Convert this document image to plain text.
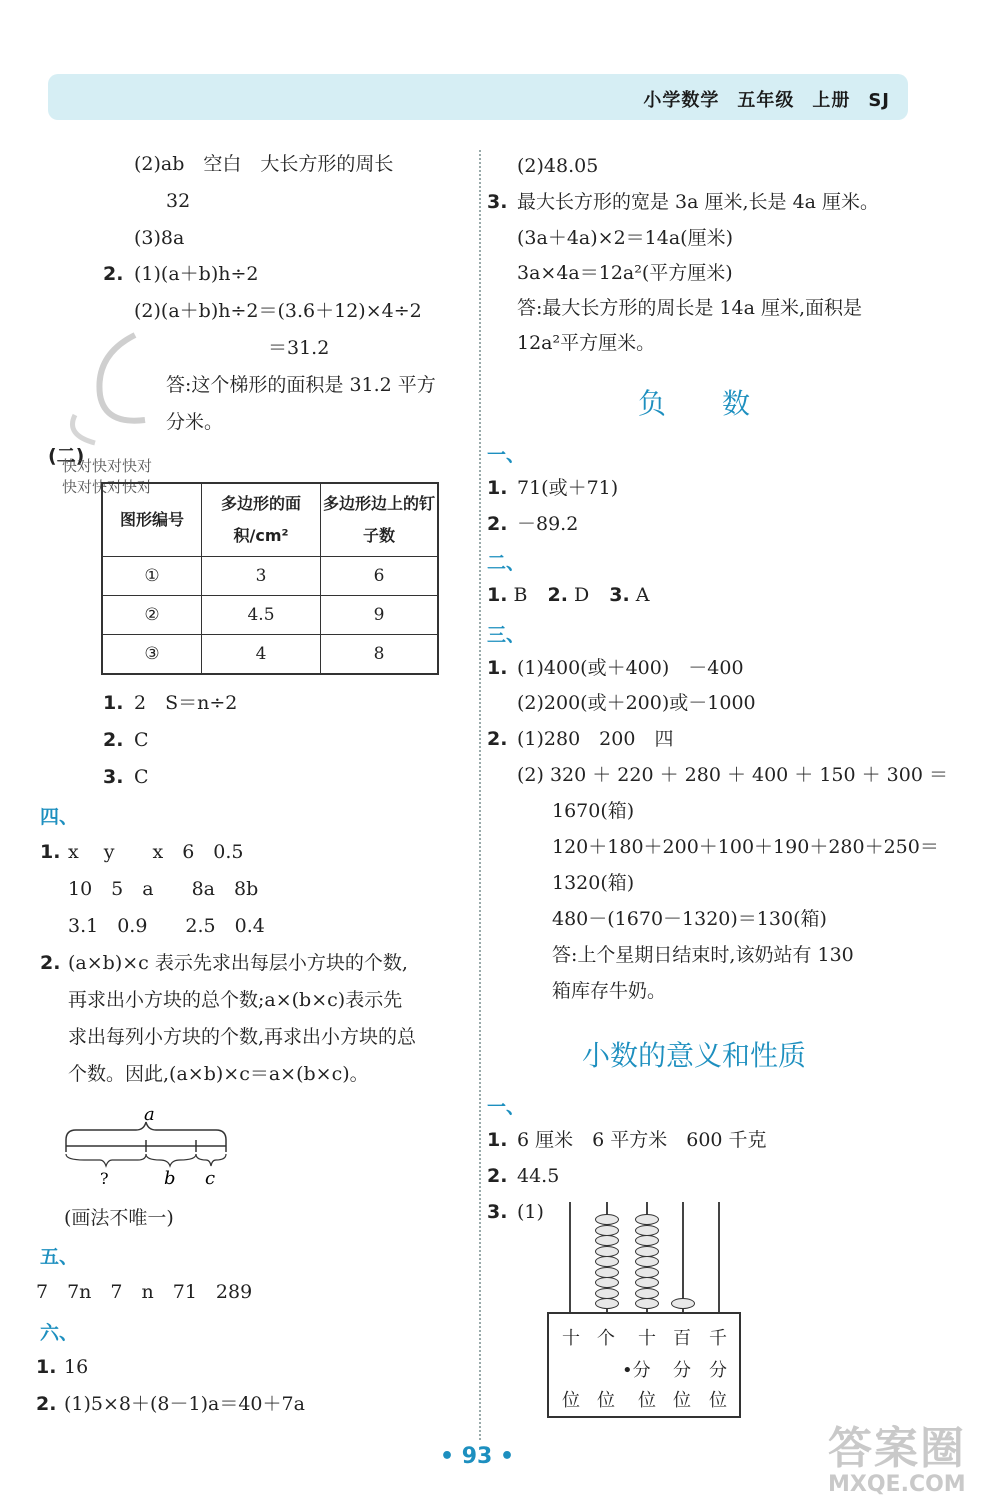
小学数学 五年级 上册 SJ
(2)ab　空白　大长方形的周长
32
(3)8a
2. (1)(a＋b)h÷2
(2)(a＋b)h÷2＝(3.6＋12)×4÷2
＝31.2
答:这个梯形的面积是 31.2 平方
分米。
(二)
快对快对快对
快对快对快对
图形编号	多边形的面积/cm²	多边形边上的钉子数
①	3	6
②	4.5	9
③	4	8
1. 2　S＝n÷2
2. C
3. C
四、
1. x　 y　　x　6　0.5
10　5　a　　8a　8b
3.1　0.9　　2.5　0.4
2. (a×b)×c 表示先求出每层小方块的个数,
再求出小方块的总个数;a×(b×c)表示先
求出每列小方块的个数,再求出小方块的总
个数。因此,(a×b)×c＝a×(b×c)。
a
?	b c
(画法不唯一)
五、
7　7n　7　n　71　289
六、
1. 16
2. (1)5×8＋(8－1)a＝40＋7a
(2)48.05
3. 最大长方形的宽是 3a 厘米,长是 4a 厘米。
(3a＋4a)×2＝14a(厘米)
3a×4a＝12a²(平方厘米)
答:最大长方形的周长是 14a 厘米,面积是
12a²平方厘米。
负　　数
一、
1. 71(或＋71)
2. －89.2
二、
1. B 2. D 3. A
三、
1. (1)400(或＋400)　－400
(2)200(或＋200)或－1000
2. (1)280　200　四
(2) 320 ＋ 220 ＋ 280 ＋ 400 ＋ 150 ＋ 300 ＝
1670(箱)
120＋180＋200＋100＋190＋280＋250＝
1320(箱)
480－(1670－1320)＝130(箱)
答:上个星期日结束时,该奶站有 130
箱库存牛奶。
小数的意义和性质
一、
1. 6 厘米　6 平方米　600 千克
2. 44.5
3. (1)
十 个 十 百 千
•分 分 分
位 位 位 位 位
• 93 •	答案圈
MXQE.COM
